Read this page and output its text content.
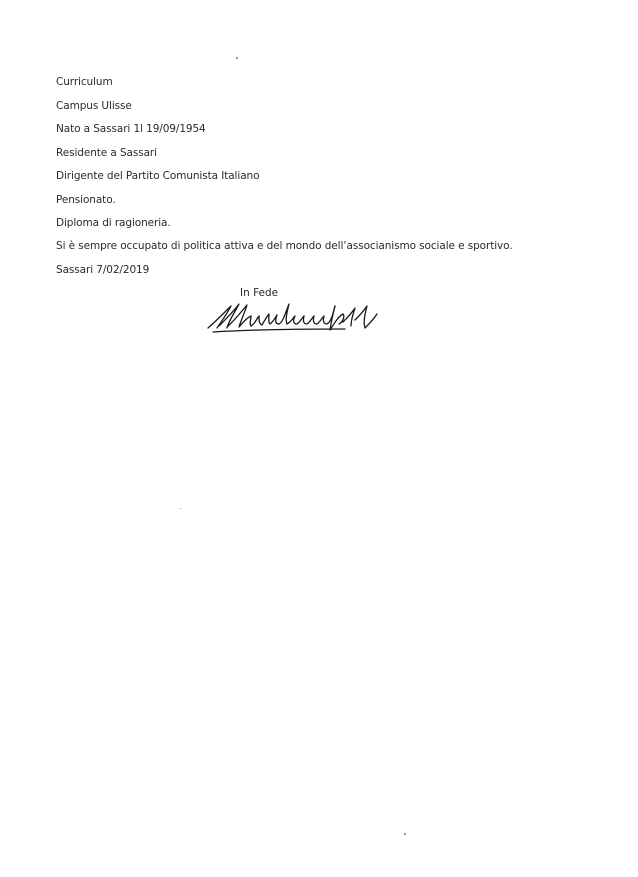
Curriculum
Campus Ulisse
Nato a Sassari 1l 19/09/1954
Residente a Sassari
Dirigente del Partito Comunista Italiano
Pensionato.
Diploma di ragioneria.
Si è sempre occupato di politica attiva e del mondo dell’associanismo sociale e sportivo.
Sassari 7/02/2019
In Fede
